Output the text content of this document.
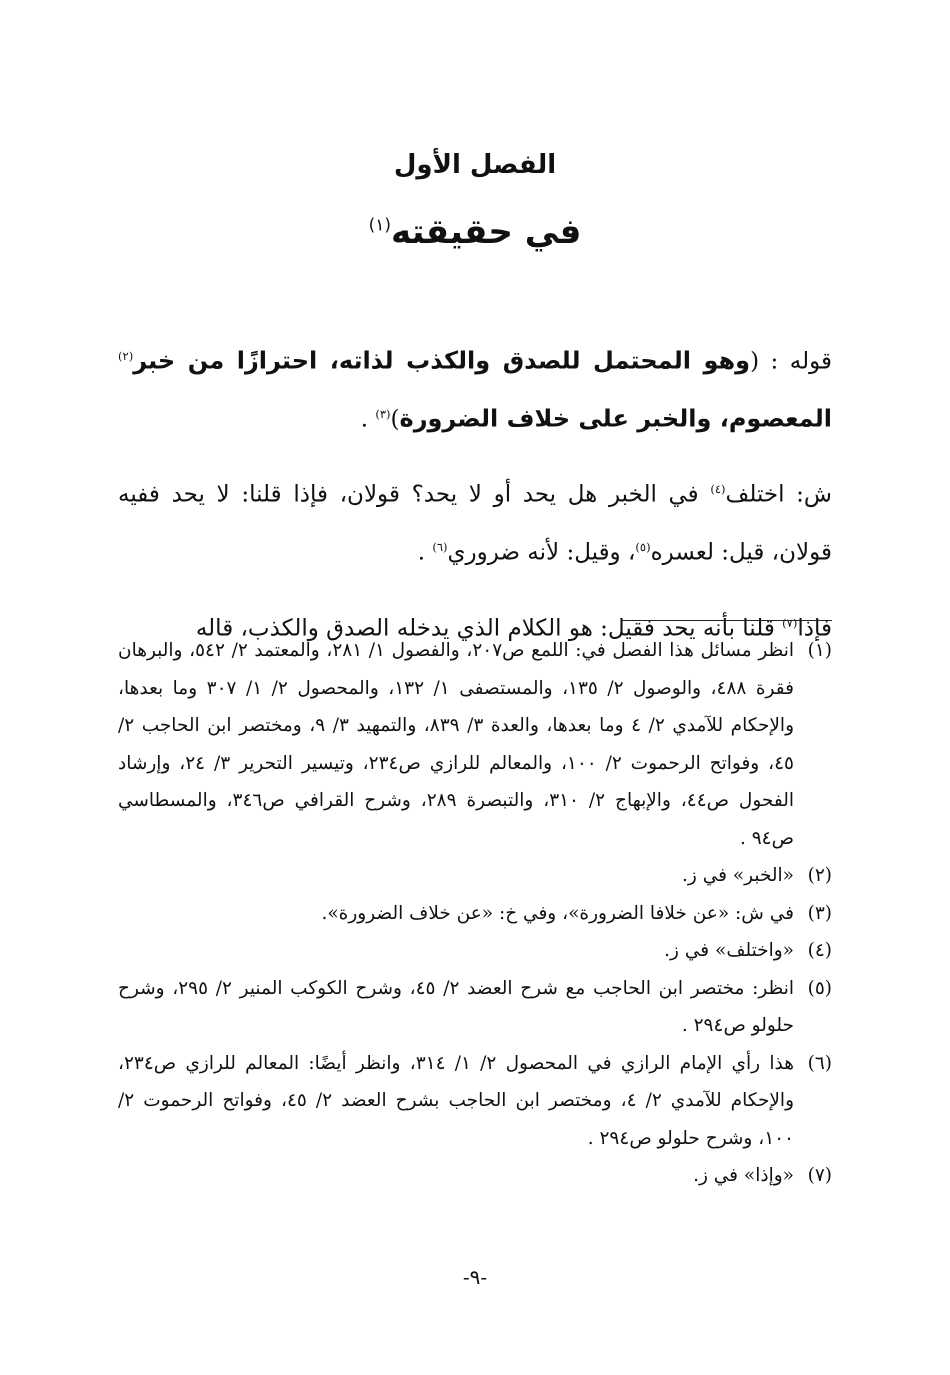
الفصل الأول
في حقيقته$^{(١)}$

قوله : (وهو المحتمل للصدق والكذب لذاته، احترازًا من خبر$^{(٢)}$ المعصوم، والخبر على خلاف الضرورة)$^{(٣)}$ .

ش: اختلف$^{(٤)}$ في الخبر هل يحد أو لا يحد؟ قولان، فإذا قلنا: لا يحد ففيه قولان، قيل: لعسره$^{(٥)}$، وقيل: لأنه ضروري$^{(٦)}$ .

فإذا$^{(٧)}$ قلنا بأنه يحد فقيل: هو الكلام الذي يدخله الصدق والكذب، قاله

(١)
انظر مسائل هذا الفصل في: اللمع ص٢٠٧، والفصول ١/ ٢٨١، والمعتمد ٢/ ٥٤٢، والبرهان فقرة ٤٨٨، والوصول ٢/ ١٣٥، والمستصفى ١/ ١٣٢، والمحصول ٢/ ١/ ٣٠٧ وما بعدها، والإحكام للآمدي ٢/ ٤ وما بعدها، والعدة ٣/ ٨٣٩، والتمهيد ٣/ ٩، ومختصر ابن الحاجب ٢/ ٤٥، وفواتح الرحموت ٢/ ١٠٠، والمعالم للرازي ص٢٣٤، وتيسير التحرير ٣/ ٢٤، وإرشاد الفحول ص٤٤، والإبهاج ٢/ ٣١٠، والتبصرة ٢٨٩، وشرح القرافي ص٣٤٦، والمسطاسي ص٩٤ .
(٢)
«الخبر» في ز.
(٣)
في ش: «عن خلافا الضرورة»، وفي خ: «عن خلاف الضرورة».
(٤)
«واختلف» في ز.
(٥)
انظر: مختصر ابن الحاجب مع شرح العضد ٢/ ٤٥، وشرح الكوكب المنير ٢/ ٢٩٥، وشرح حلولو ص٢٩٤ .
(٦)
هذا رأي الإمام الرازي في المحصول ٢/ ١/ ٣١٤، وانظر أيضًا: المعالم للرازي ص٢٣٤، والإحكام للآمدي ٢/ ٤، ومختصر ابن الحاجب بشرح العضد ٢/ ٤٥، وفواتح الرحموت ٢/ ١٠٠، وشرح حلولو ص٢٩٤ .
(٧)
«وإذا» في ز.
-٩-
